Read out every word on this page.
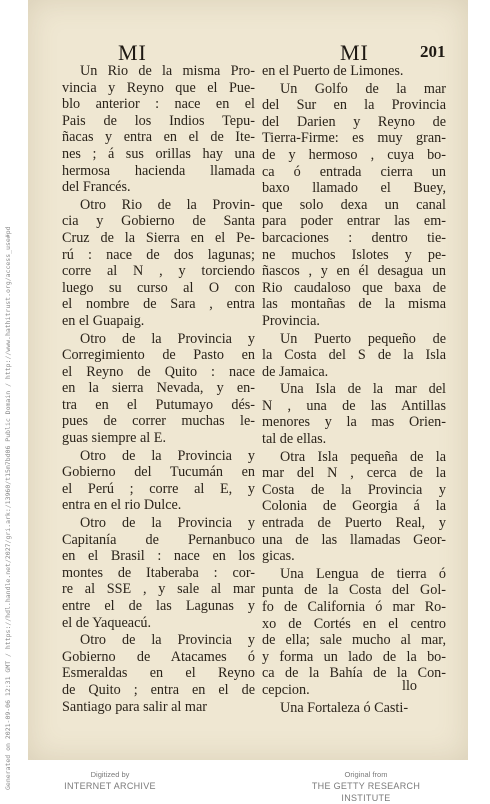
Generated on 2021-09-06 12:31 GMT / https://hdl.handle.net/2027/gri.ark:/13960/t15m7bd06 Public Domain / http://www.hathitrust.org/access_use#pd
MI	MI	201
Un Rio de la misma Pro-
vincia y Reyno que el Pue-
blo anterior : nace en el
Pais de los Indios Tepu-
ñacas y entra en el de Ite-
nes ; á sus orillas hay una
hermosa hacienda llamada
del Francés.
Otro Rio de la Provin-
cia y Gobierno de Santa
Cruz de la Sierra en el Pe-
rú : nace de dos lagunas;
corre al N , y torciendo
luego su curso al O con
el nombre de Sara , entra
en el Guapaig.
Otro de la Provincia y
Corregimiento de Pasto en
el Reyno de Quito : nace
en la sierra Nevada, y en-
tra en el Putumayo dés-
pues de correr muchas le-
guas siempre al E.
Otro de la Provincia y
Gobierno del Tucumán en
el Perú ; corre al E, y
entra en el rio Dulce.
Otro de la Provincia y
Capitanía de Pernanbuco
en el Brasil : nace en los
montes de Itaberaba : cor-
re al SSE , y sale al mar
entre el de las Lagunas y
el de Yaqueacú.
Otro de la Provincia y
Gobierno de Atacames ó
Esmeraldas en el Reyno
de Quito ; entra en el de
Santiago para salir al mar
en el Puerto de Limones.
Un Golfo de la mar
del Sur en la Provincia
del Darien y Reyno de
Tierra-Firme: es muy gran-
de y hermoso , cuya bo-
ca ó entrada cierra un
baxo llamado el Buey,
que solo dexa un canal
para poder entrar las em-
barcaciones : dentro tie-
ne muchos Islotes y pe-
ñascos , y en él desagua un
Rio caudaloso que baxa de
las montañas de la misma
Provincia.
Un Puerto pequeño de
la Costa del S de la Isla
de Jamaica.
Una Isla de la mar del
N , una de las Antillas
menores y la mas Orien-
tal de ellas.
Otra Isla pequeña de la
mar del N , cerca de la
Costa de la Provincia y
Colonia de Georgia á la
entrada de Puerto Real, y
una de las llamadas Geor-
gicas.
Una Lengua de tierra ó
punta de la Costa del Gol-
fo de California ó mar Ro-
xo de Cortés en el centro
de ella; sale mucho al mar,
y forma un lado de la bo-
ca de la Bahía de la Con-
cepcion.
Una Fortaleza ó Casti-
llo
Digitized by
INTERNET ARCHIVE
Original from
THE GETTY RESEARCH INSTITUTE
